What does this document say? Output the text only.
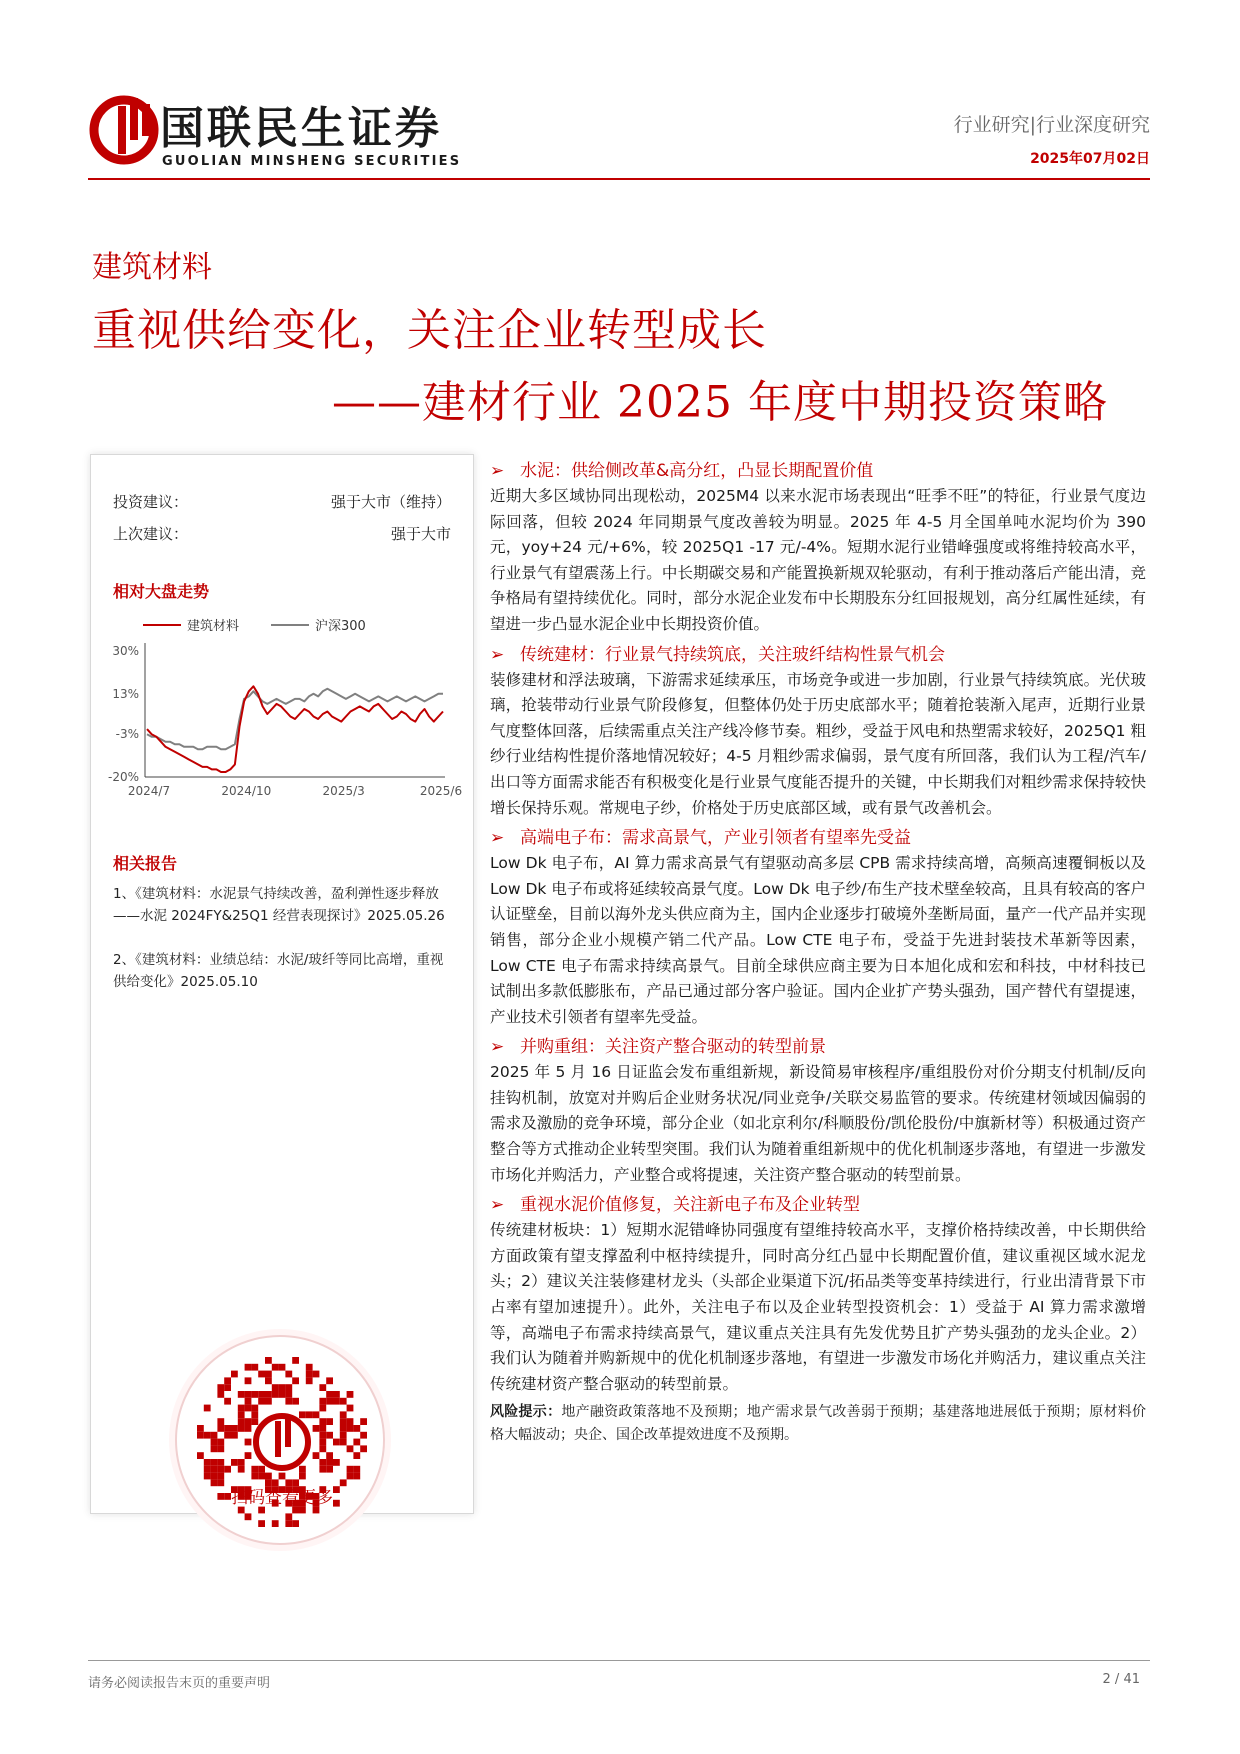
国联民生证券
GUOLIAN MINSHENG SECURITIES
行业研究|行业深度研究
2025年07月02日
建筑材料
重视供给变化，关注企业转型成长
——建材行业 2025 年度中期投资策略
投资建议：	强于大市（维持）
上次建议：	强于大市
相对大盘走势
建筑材料	沪深300
30%
13%
-3%
-20%
2024/7	2024/10	2025/3	2025/6
相关报告
1、《建筑材料：水泥景气持续改善，盈利弹性逐步释放 ——水泥 2024FY&25Q1 经营表现探讨》2025.05.26
2、《建筑材料：业绩总结：水泥/玻纤等同比高增，重视供给变化》2025.05.10
扫码查看更多
➢ 水泥：供给侧改革&高分红，凸显长期配置价值
近期大多区域协同出现松动，2025M4 以来水泥市场表现出“旺季不旺”的特征，行业景气度边际回落，但较 2024 年同期景气度改善较为明显。2025 年 4-5 月全国单吨水泥均价为 390 元，yoy+24 元/+6%，较 2025Q1 -17 元/-4%。短期水泥行业错峰强度或将维持较高水平，行业景气有望震荡上行。中长期碳交易和产能置换新规双轮驱动，有利于推动落后产能出清，竞争格局有望持续优化。同时，部分水泥企业发布中长期股东分红回报规划，高分红属性延续，有望进一步凸显水泥企业中长期投资价值。
➢ 传统建材：行业景气持续筑底，关注玻纤结构性景气机会
装修建材和浮法玻璃，下游需求延续承压，市场竞争或进一步加剧，行业景气持续筑底。光伏玻璃，抢装带动行业景气阶段修复，但整体仍处于历史底部水平；随着抢装渐入尾声，近期行业景气度整体回落，后续需重点关注产线冷修节奏。粗纱，受益于风电和热塑需求较好，2025Q1 粗纱行业结构性提价落地情况较好；4-5 月粗纱需求偏弱，景气度有所回落，我们认为工程/汽车/出口等方面需求能否有积极变化是行业景气度能否提升的关键，中长期我们对粗纱需求保持较快增长保持乐观。常规电子纱，价格处于历史底部区域，或有景气改善机会。
➢ 高端电子布：需求高景气，产业引领者有望率先受益
Low Dk 电子布，AI 算力需求高景气有望驱动高多层 CPB 需求持续高增，高频高速覆铜板以及 Low Dk 电子布或将延续较高景气度。Low Dk 电子纱/布生产技术壁垒较高，且具有较高的客户认证壁垒，目前以海外龙头供应商为主，国内企业逐步打破境外垄断局面，量产一代产品并实现销售，部分企业小规模产销二代产品。Low CTE 电子布，受益于先进封装技术革新等因素，Low CTE 电子布需求持续高景气。目前全球供应商主要为日本旭化成和宏和科技，中材科技已试制出多款低膨胀布，产品已通过部分客户验证。国内企业扩产势头强劲，国产替代有望提速，产业技术引领者有望率先受益。
➢ 并购重组：关注资产整合驱动的转型前景
2025 年 5 月 16 日证监会发布重组新规，新设简易审核程序/重组股份对价分期支付机制/反向挂钩机制，放宽对并购后企业财务状况/同业竞争/关联交易监管的要求。传统建材领域因偏弱的需求及激励的竞争环境，部分企业（如北京利尔/科顺股份/凯伦股份/中旗新材等）积极通过资产整合等方式推动企业转型突围。我们认为随着重组新规中的优化机制逐步落地，有望进一步激发市场化并购活力，产业整合或将提速，关注资产整合驱动的转型前景。
➢ 重视水泥价值修复，关注新电子布及企业转型
传统建材板块：1）短期水泥错峰协同强度有望维持较高水平，支撑价格持续改善，中长期供给方面政策有望支撑盈利中枢持续提升，同时高分红凸显中长期配置价值，建议重视区域水泥龙头；2）建议关注装修建材龙头（头部企业渠道下沉/拓品类等变革持续进行，行业出清背景下市占率有望加速提升）。此外，关注电子布以及企业转型投资机会：1）受益于 AI 算力需求激增等，高端电子布需求持续高景气，建议重点关注具有先发优势且扩产势头强劲的龙头企业。2）我们认为随着并购新规中的优化机制逐步落地，有望进一步激发市场化并购活力，建议重点关注传统建材资产整合驱动的转型前景。
风险提示：地产融资政策落地不及预期；地产需求景气改善弱于预期；基建落地进展低于预期；原材料价格大幅波动；央企、国企改革提效进度不及预期。
请务必阅读报告末页的重要声明	2 / 41
